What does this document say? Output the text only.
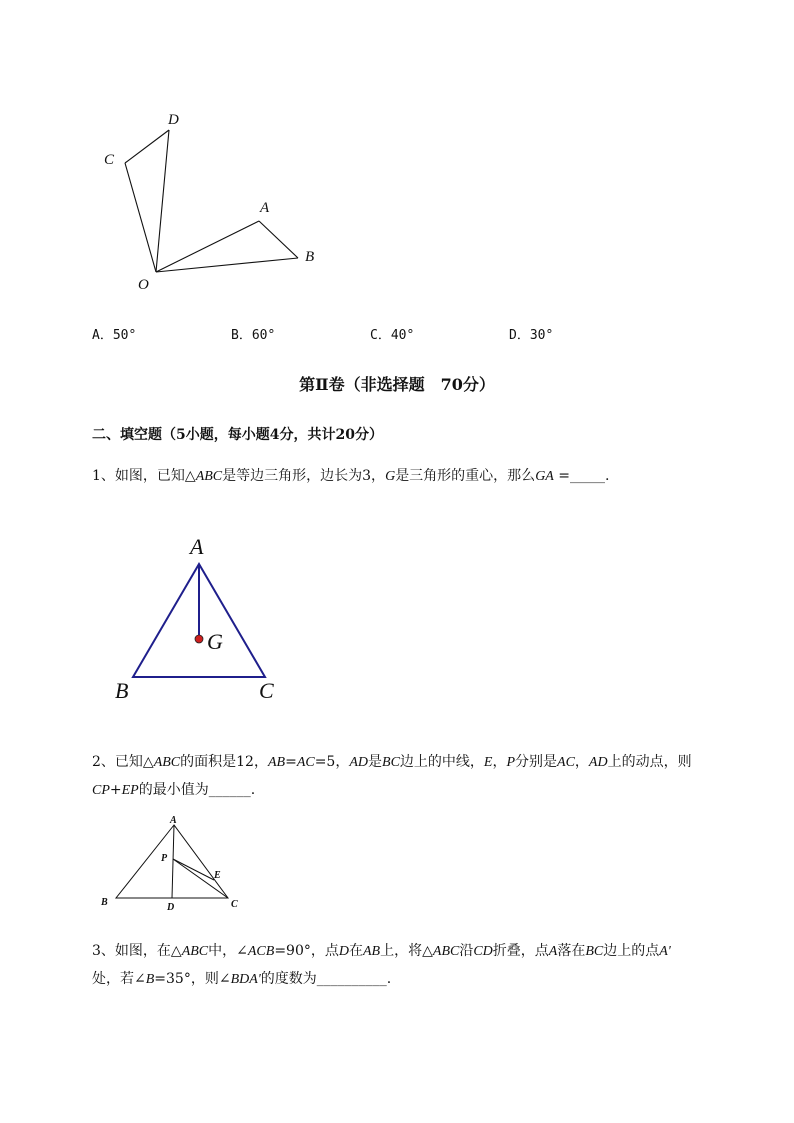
D
C
A
B
O
A．50°	B．60°	C．40°	D．30°
第Ⅱ卷（非选择题　70分）
二、填空题（5小题，每小题4分，共计20分）
1、如图，已知△ABC是等边三角形，边长为3，G是三角形的重心，那么GA =_____.
A
G
B	C
2、已知△ABC的面积是12，AB=AC=5，AD是BC边上的中线，E，P分别是AC，AD上的动点，则
CP+EP的最小值为______.
A
P
E
B	D	C
3、如图，在△ABC中，∠ACB=90°，点D在AB上，将△ABC沿CD折叠，点A落在BC边上的点A'
处，若∠B=35°，则∠BDA'的度数为__________.
